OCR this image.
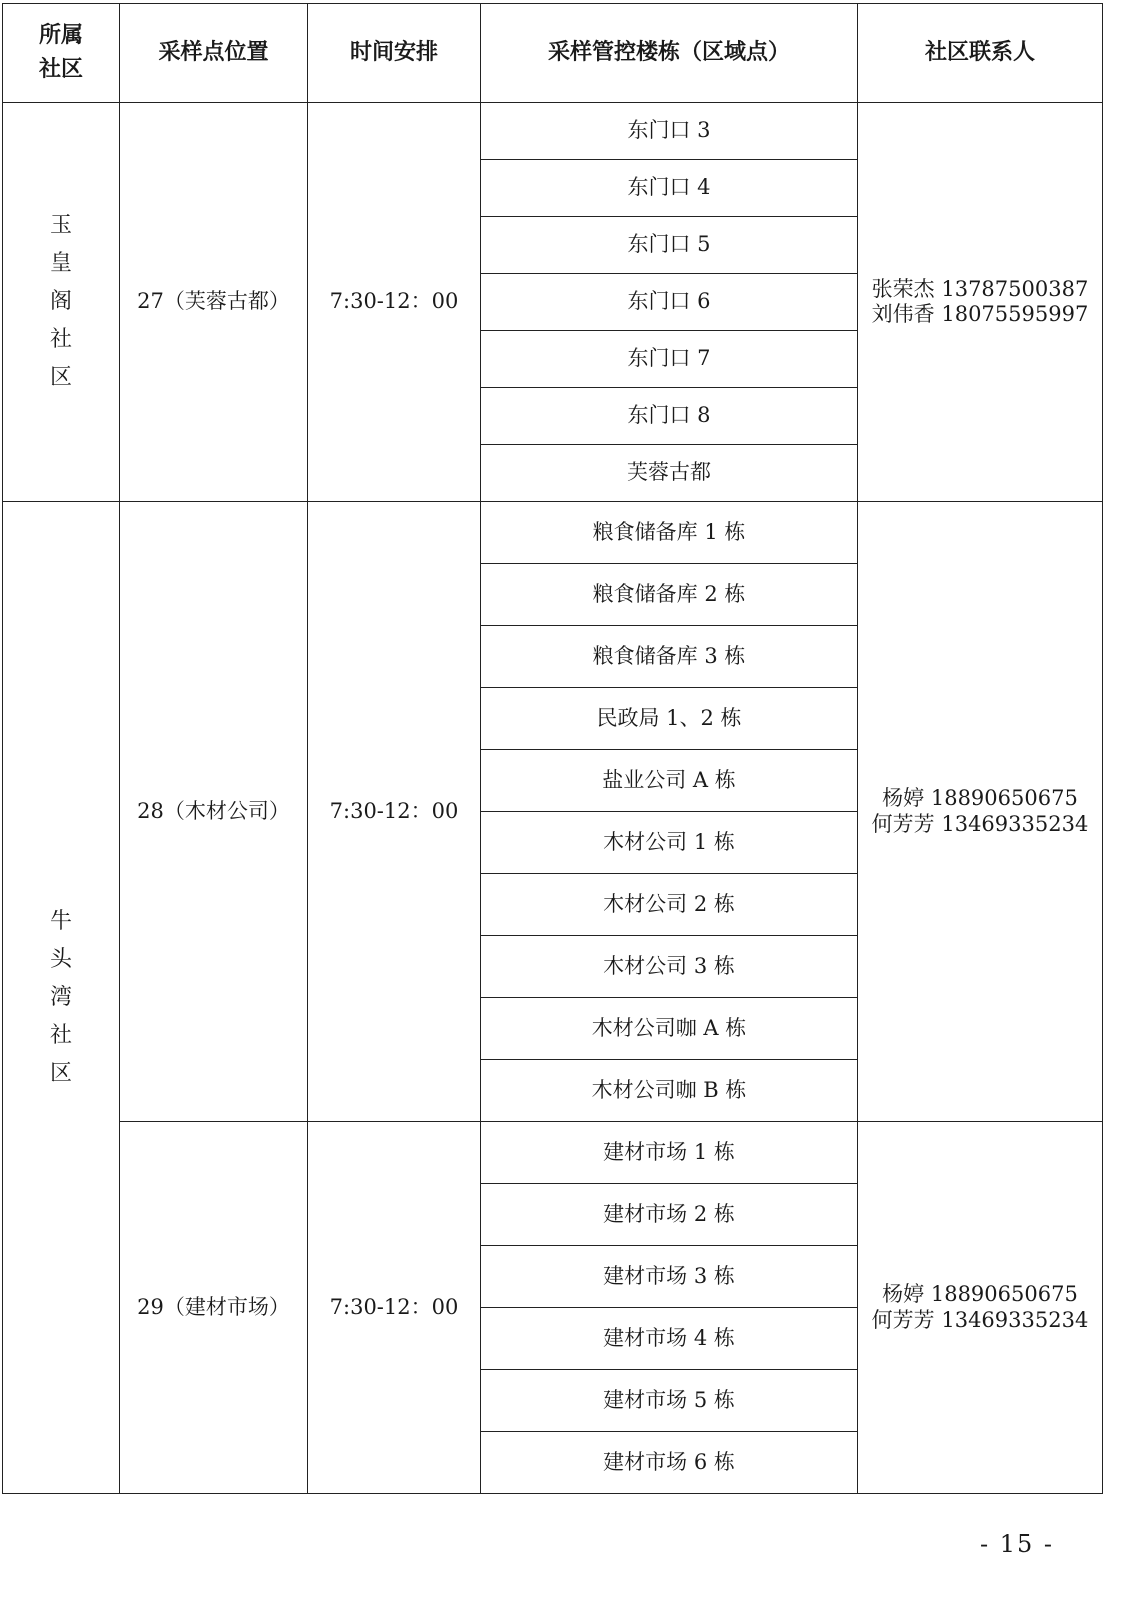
所属社区	采样点位置	时间安排	采样管控楼栋（区域点）	社区联系人
玉皇阁社区	27（芙蓉古都）	7:30-12：00	东门口 3	张荣杰 13787500387
刘伟香 18075595997

			东门口 4	
			东门口 5	
			东门口 6	
			东门口 7	
			东门口 8	
			芙蓉古都	
牛头湾社区	28（木材公司）	7:30-12：00	粮食储备库 1 栋	杨婷 18890650675
何芳芳 13469335234

			粮食储备库 2 栋	
			粮食储备库 3 栋	
			民政局 1、2 栋	
			盐业公司 A 栋	
			木材公司 1 栋	
			木材公司 2 栋	
			木材公司 3 栋	
			木材公司咖 A 栋	
			木材公司咖 B 栋	
	29（建材市场）	7:30-12：00	建材市场 1 栋	杨婷 18890650675
何芳芳 13469335234

			建材市场 2 栋	
			建材市场 3 栋	
			建材市场 4 栋	
			建材市场 5 栋	
			建材市场 6 栋	
- 15 -
